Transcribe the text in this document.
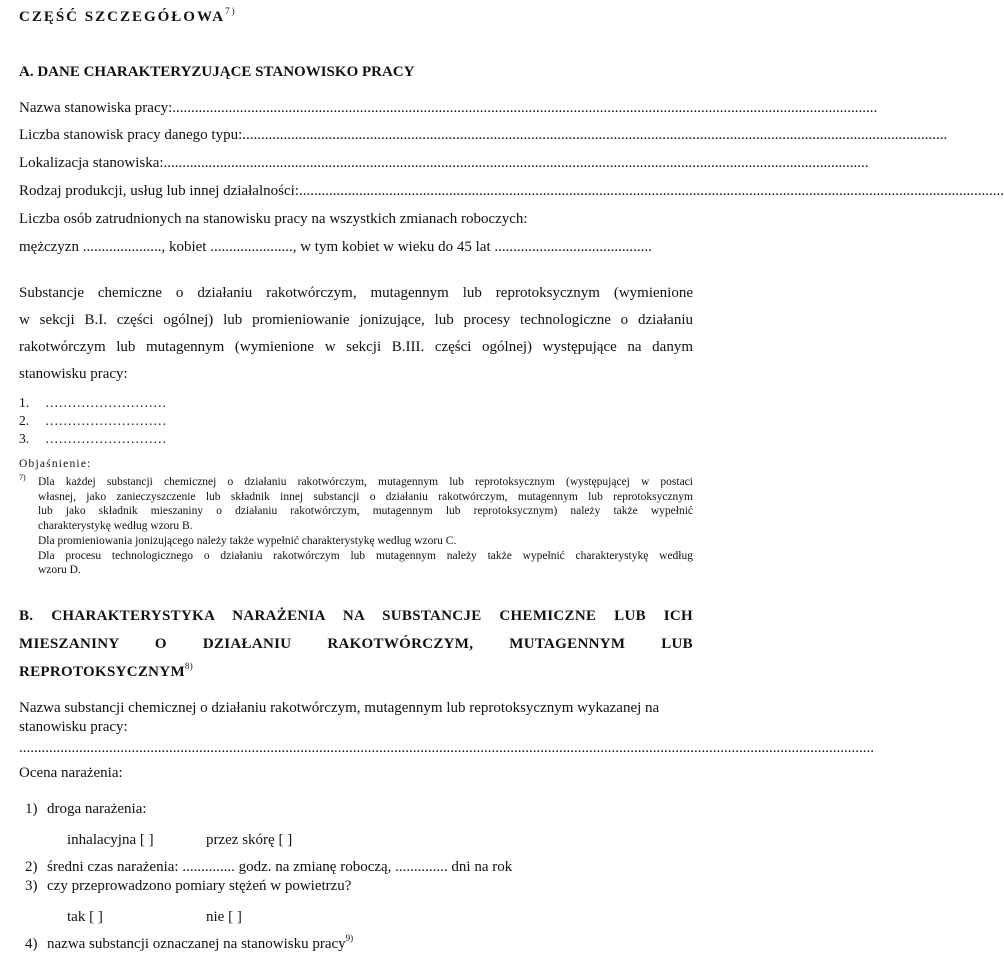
CZĘŚĆ SZCZEGÓŁOWA$^{7)}$
A. DANE CHARAKTERYZUJĄCE STANOWISKO PRACY
Nazwa stanowiska pracy: ............................................................................................................................................................................................
Liczba stanowisk pracy danego typu: ............................................................................................................................................................................................
Lokalizacja stanowiska: ............................................................................................................................................................................................
Rodzaj produkcji, usług lub innej działalności: ............................................................................................................................................................................................
Liczba osób zatrudnionych na stanowisku pracy na wszystkich zmianach roboczych:
mężczyzn ....................., kobiet ......................, w tym kobiet w wieku do 45 lat ..........................................
Substancje chemiczne o działaniu rakotwórczym, mutagennym lub reprotoksycznym (wymienione
w sekcji B.I. części ogólnej) lub promieniowanie jonizujące, lub procesy technologiczne o działaniu
rakotwórczym lub mutagennym (wymienione w sekcji B.III. części ogólnej) występujące na danym
stanowisku pracy:
1. ………………………
2. ………………………
3. ………………………
Objaśnienie:
7) Dla każdej substancji chemicznej o działaniu rakotwórczym, mutagennym lub reprotoksycznym (występującej w postaci
własnej, jako zanieczyszczenie lub składnik innej substancji o działaniu rakotwórczym, mutagennym lub reprotoksycznym
lub jako składnik mieszaniny o działaniu rakotwórczym, mutagennym lub reprotoksycznym) należy także wypełnić
charakterystykę według wzoru B.
Dla promieniowania jonizującego należy także wypełnić charakterystykę według wzoru C.
Dla procesu technologicznego o działaniu rakotwórczym lub mutagennym należy także wypełnić charakterystykę według
wzoru D.
B. CHARAKTERYSTYKA NARAŻENIA NA SUBSTANCJE CHEMICZNE LUB ICH
MIESZANINY O DZIAŁANIU RAKOTWÓRCZYM, MUTAGENNYM LUB
REPROTOKSYCZNYM$^{8)}$
Nazwa substancji chemicznej o działaniu rakotwórczym, mutagennym lub reprotoksycznym wykazanej na
stanowisku pracy:
....................................................................................................................................................................................................................................
Ocena narażenia:
1) droga narażenia:
inhalacyjna [ ]	przez skórę [ ]
2) średni czas narażenia: .............. godz. na zmianę roboczą, .............. dni na rok
3) czy przeprowadzono pomiary stężeń w powietrzu?
tak [ ]	nie [ ]
4) nazwa substancji oznaczanej na stanowisku pracy$^{9)}$
